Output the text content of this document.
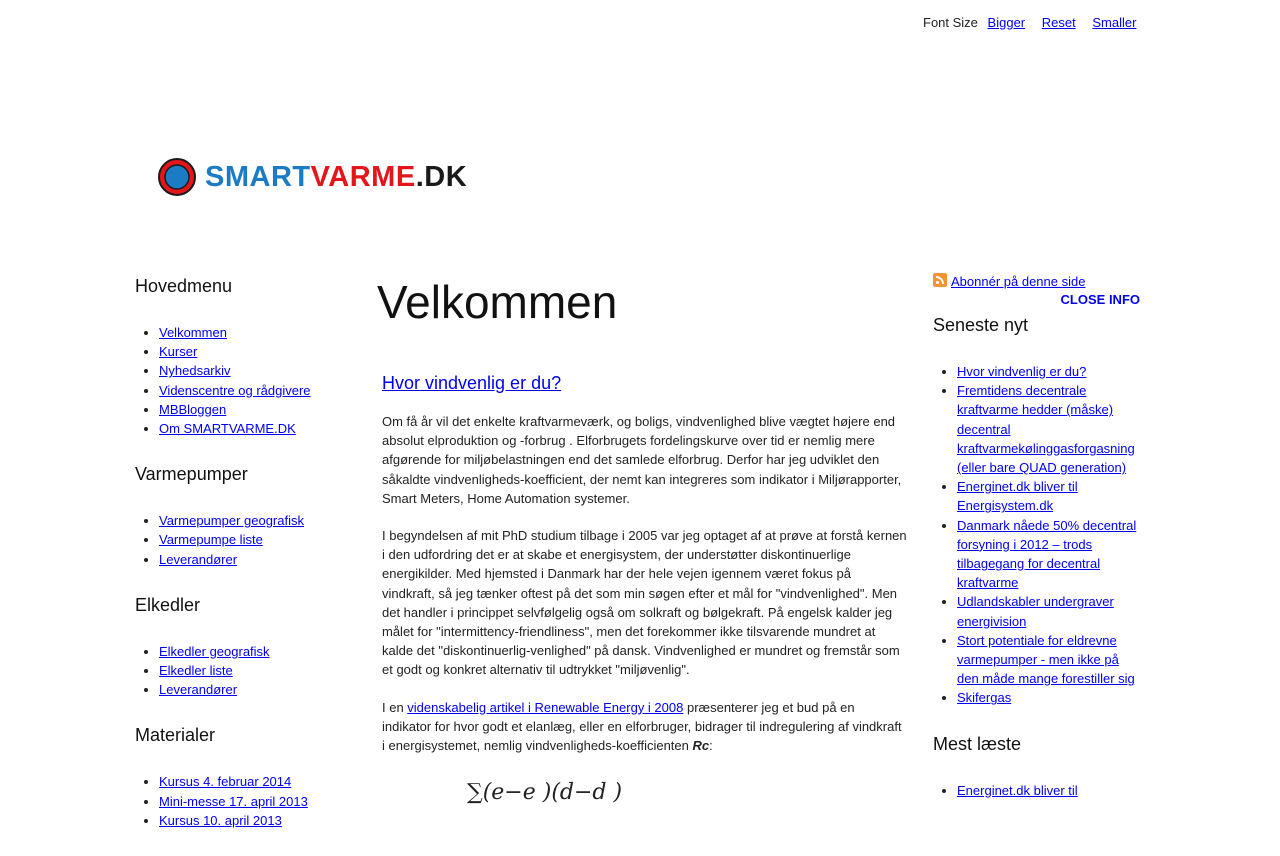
Font Size Bigger Reset Smaller
SMARTVARME.DK
Hovedmenu
• Velkommen
• Kurser
• Nyhedsarkiv
• Videnscentre og rådgivere
• MBBloggen
• Om SMARTVARME.DK
Varmepumper
• Varmepumper geografisk
• Varmepumpe liste
• Leverandører
Elkedler
• Elkedler geografisk
• Elkedler liste
• Leverandører
Materialer
• Kursus 4. februar 2014
• Mini-messe 17. april 2013
• Kursus 10. april 2013
Velkommen
Hvor vindvenlig er du?

Om få år vil det enkelte kraftvarmeværk, og boligs, vindvenlighed blive vægtet højere end absolut elproduktion og -forbrug . Elforbrugets fordelingskurve over tid er nemlig mere afgørende for miljøbelastningen end det samlede elforbrug. Derfor har jeg udviklet den såkaldte vindvenligheds-koefficient, der nemt kan integreres som indikator i Miljørapporter, Smart Meters, Home Automation systemer.

I begyndelsen af mit PhD studium tilbage i 2005 var jeg optaget af at prøve at forstå kernen i den udfordring det er at skabe et energisystem, der understøtter diskontinuerlige energikilder. Med hjemsted i Danmark har der hele vejen igennem været fokus på vindkraft, så jeg tænker oftest på det som min søgen efter et mål for "vindvenlighed". Men det handler i princippet selvfølgelig også om solkraft og bølgekraft. På engelsk kalder jeg målet for "intermittency-friendliness", men det forekommer ikke tilsvarende mundret at kalde det "diskontinuerlig-venlighed" på dansk. Vindvenlighed er mundret og fremstår som et godt og konkret alternativ til udtrykket "miljøvenlig".

I en videnskabelig artikel i Renewable Energy i 2008 præsenterer jeg et bud på en indikator for hvor godt et elanlæg, eller en elforbruger, bidrager til indregulering af vindkraft i energisystemet, nemlig vindvenligheds-koefficienten Rc:

∑(e−e )(d−d )
Abonnér på denne side
CLOSE INFO
Seneste nyt
• Hvor vindvenlig er du?
• Fremtidens decentrale kraftvarme hedder (måske) decentral kraftvarmekølinggasforgasning (eller bare QUAD generation)
• Energinet.dk bliver til Energisystem.dk
• Danmark nåede 50% decentral forsyning i 2012 – trods tilbagegang for decentral kraftvarme
• Udlandskabler undergraver energivision
• Stort potentiale for eldrevne varmepumper - men ikke på den måde mange forestiller sig
• Skifergas
Mest læste
• Energinet.dk bliver til
